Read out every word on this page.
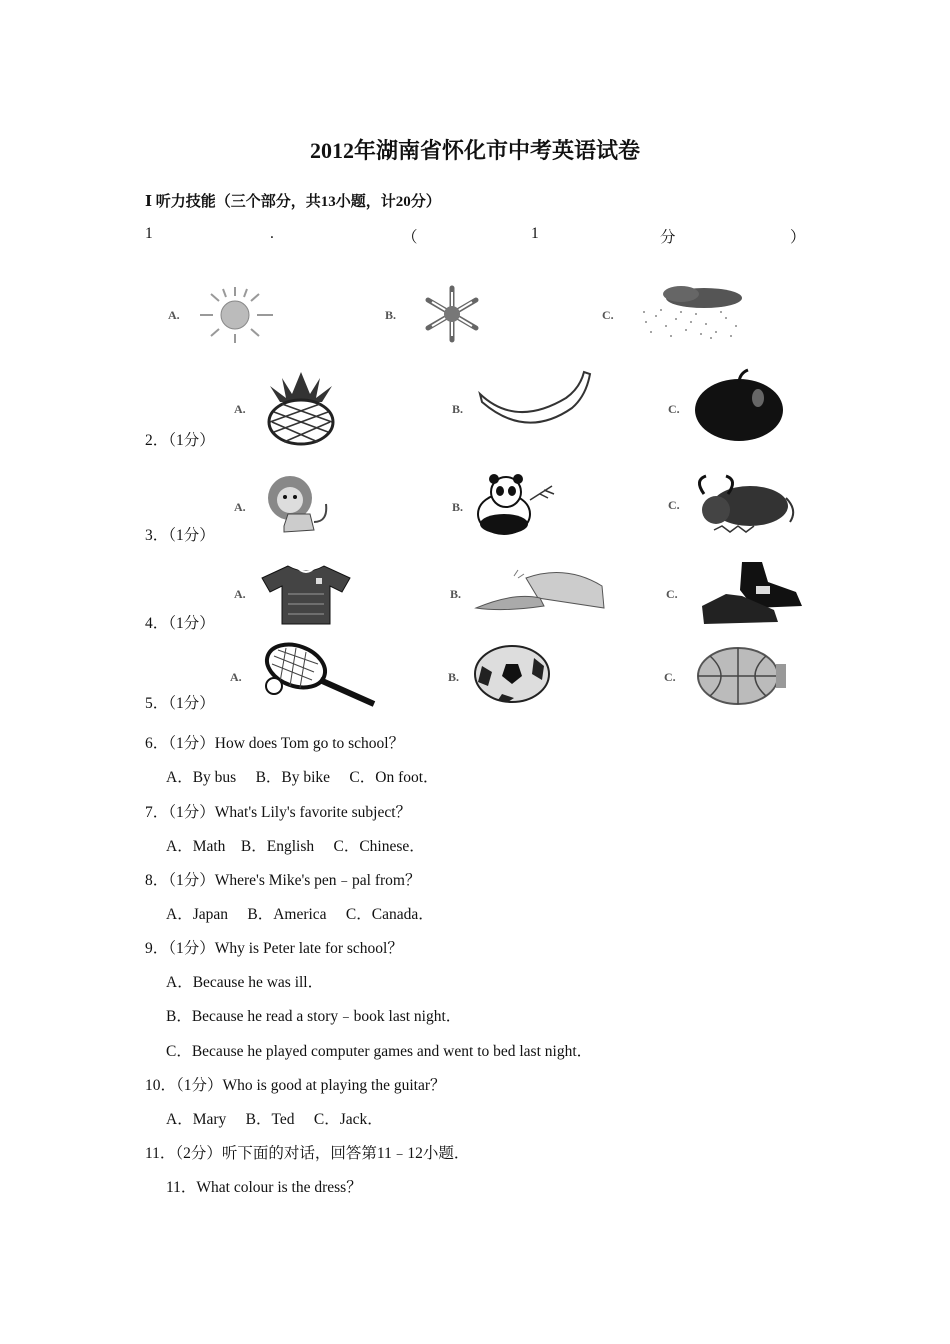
2012年湖南省怀化市中考英语试卷
Ⅰ 听力技能（三个部分，共13小题，计20分）
1	.	（	1	分	）
A.	B.	C.
2．（1分）
A.	B.	C.
3．（1分）
A.	B.	C.
4．（1分）
A.	B.	C.
5．（1分）
A.	B.	C.
6．（1分）How does Tom go to school？
A．By bus　 B．By bike　 C．On foot．
7．（1分）What's Lily's favorite subject？
A．Math　B．English　 C．Chinese．
8．（1分）Where's Mike's pen﹣pal from？
A．Japan　 B．America　 C．Canada．
9．（1分）Why is Peter late for school？
A．Because he was ill．
B．Because he read a story﹣book last night．
C．Because he played computer games and went to bed last night．
10．（1分）Who is good at playing the guitar？
A．Mary　 B．Ted　 C．Jack．
11．（2分）听下面的对话，回答第11﹣12小题．
11．What colour is the dress？
